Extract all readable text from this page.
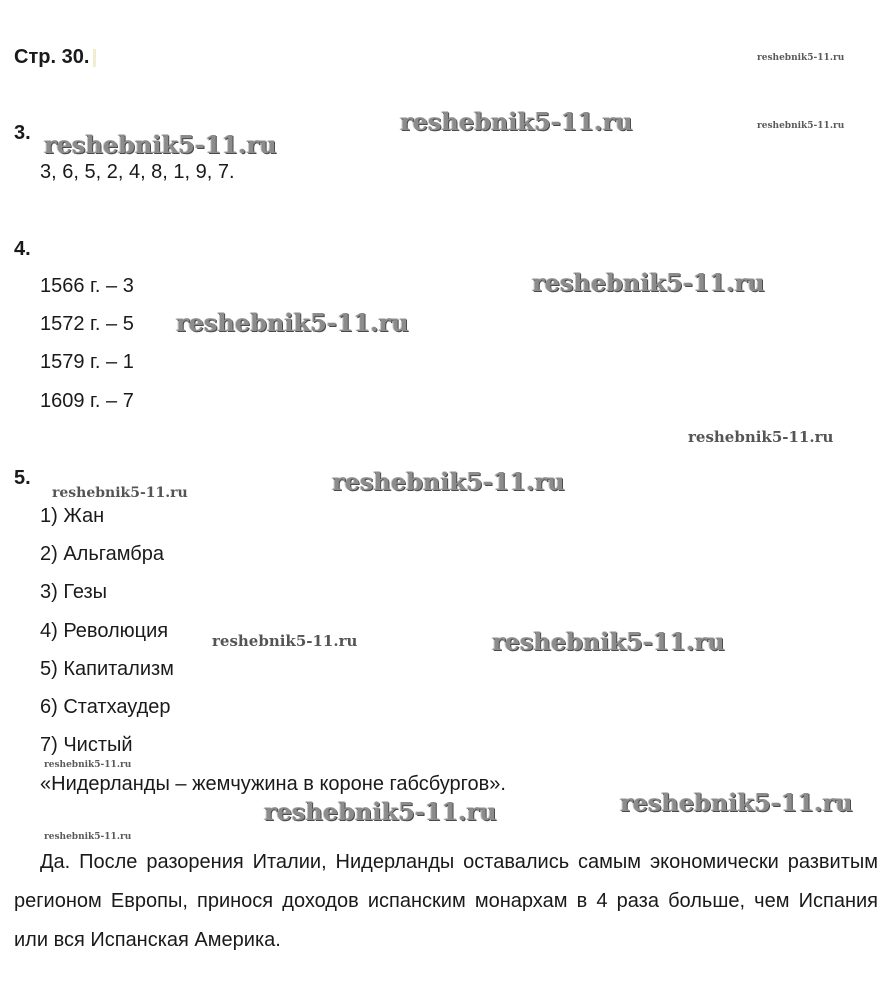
Стр. 30.
3.
3, 6, 5, 2, 4, 8, 1, 9, 7.
4.
1566 г. – 3
1572 г. – 5
1579 г. – 1
1609 г. – 7
5.
1) Жан
2) Альгамбра
3) Гезы
4) Революция
5) Капитализм
6) Статхаудер
7) Чистый
«Нидерланды – жемчужина в короне габсбургов».
Да. После разорения Италии, Нидерланды оставались самым экономически развитым регионом Европы, принося доходов испанским монархам в 4 раза больше, чем Испания или вся Испанская Америка.
reshebnik5-11.ru
reshebnik5-11.ru	reshebnik5-11.ru
reshebnik5-11.ru
reshebnik5-11.ru
reshebnik5-11.ru
reshebnik5-11.ru
reshebnik5-11.ru
reshebnik5-11.ru
reshebnik5-11.ru	reshebnik5-11.ru
reshebnik5-11.ru
reshebnik5-11.ru
reshebnik5-11.ru
reshebnik5-11.ru
